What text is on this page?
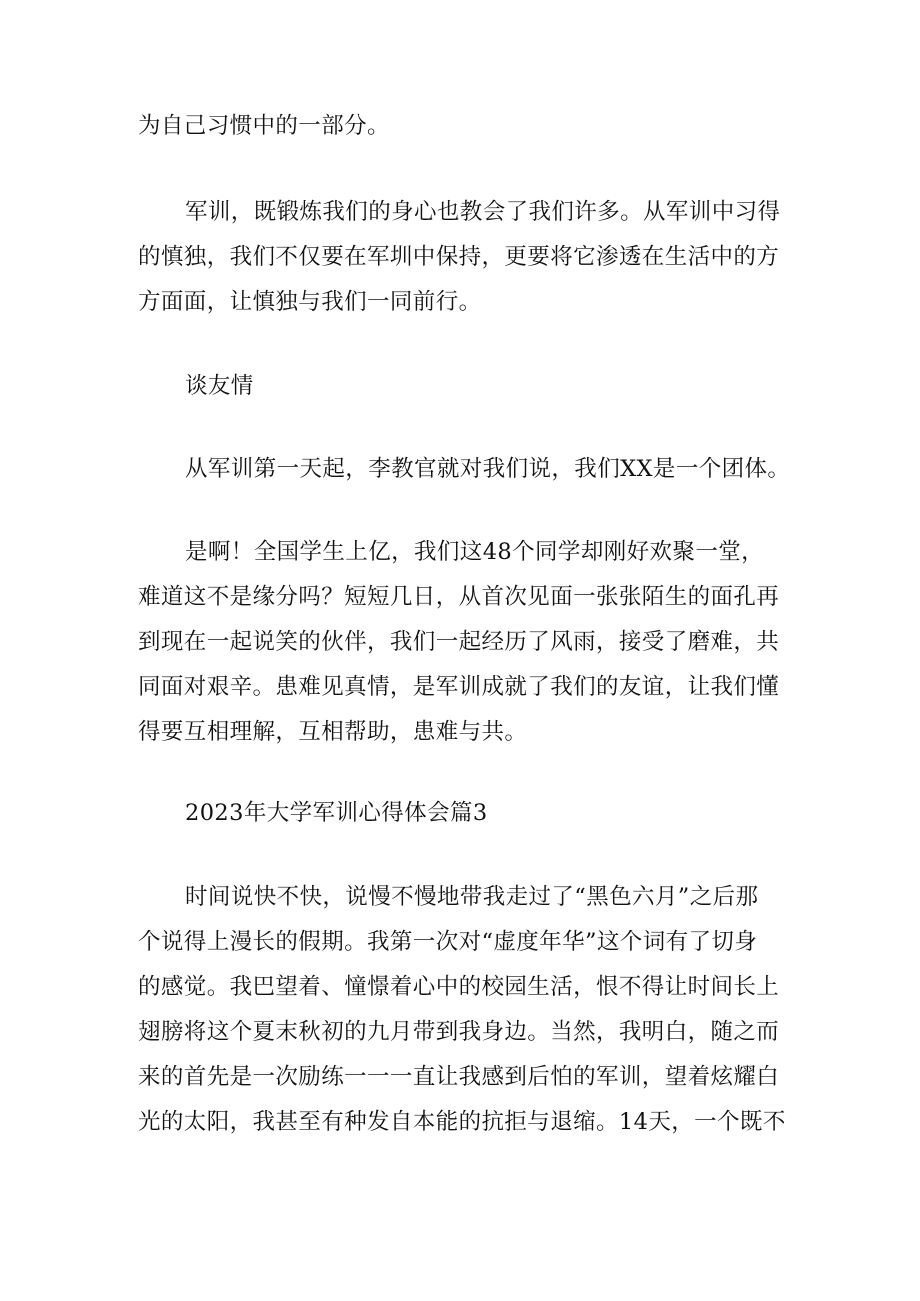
为自己习惯中的一部分。
军训，既锻炼我们的身心也教会了我们许多。从军训中习得
的慎独，我们不仅要在军圳中保持，更要将它渗透在生活中的方
方面面，让慎独与我们一同前行。
谈友情
从军训第一天起，李教官就对我们说，我们XX是一个团体。
是啊！全国学生上亿，我们这48个同学却刚好欢聚一堂，
难道这不是缘分吗？短短几日，从首次见面一张张陌生的面孔再
到现在一起说笑的伙伴，我们一起经历了风雨，接受了磨难，共
同面对艰辛。患难见真情，是军训成就了我们的友谊，让我们懂
得要互相理解，互相帮助，患难与共。
2023年大学军训心得体会篇3
时间说快不快，说慢不慢地带我走过了“黑色六月”之后那
个说得上漫长的假期。我第一次对“虚度年华”这个词有了切身
的感觉。我巴望着、憧憬着心中的校园生活，恨不得让时间长上
翅膀将这个夏末秋初的九月带到我身边。当然，我明白，随之而
来的首先是一次励练一一一直让我感到后怕的军训，望着炫耀白
光的太阳，我甚至有种发自本能的抗拒与退缩。14天，一个既不
